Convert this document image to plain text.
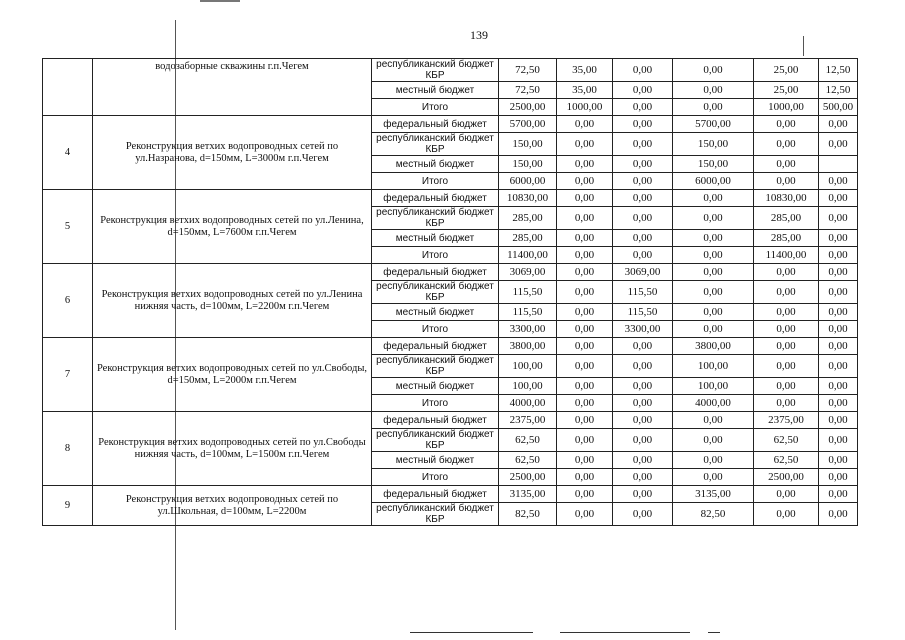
139
	водозаборные скважины г.п.Чегем	республиканский бюджет КБР	72,50	35,00	0,00	0,00	25,00	12,50
		местный бюджет	72,50	35,00	0,00	0,00	25,00	12,50
		Итого	2500,00	1000,00	0,00	0,00	1000,00	500,00
4	Реконструкция ветхих водопроводных сетей по ул.Назранова, d=150мм, L=3000м г.п.Чегем	федеральный бюджет	5700,00	0,00	0,00	5700,00	0,00	0,00
		республиканский бюджет КБР	150,00	0,00	0,00	150,00	0,00	0,00
		местный бюджет	150,00	0,00	0,00	150,00	0,00	
		Итого	6000,00	0,00	0,00	6000,00	0,00	0,00
5	Реконструкция ветхих водопроводных сетей по ул.Ленина, d=150мм, L=7600м г.п.Чегем	федеральный бюджет	10830,00	0,00	0,00	0,00	10830,00	0,00
		республиканский бюджет КБР	285,00	0,00	0,00	0,00	285,00	0,00
		местный бюджет	285,00	0,00	0,00	0,00	285,00	0,00
		Итого	11400,00	0,00	0,00	0,00	11400,00	0,00
6	Реконструкция ветхих водопроводных сетей по ул.Ленина нижняя часть, d=100мм, L=2200м г.п.Чегем	федеральный бюджет	3069,00	0,00	3069,00	0,00	0,00	0,00
		республиканский бюджет КБР	115,50	0,00	115,50	0,00	0,00	0,00
		местный бюджет	115,50	0,00	115,50	0,00	0,00	0,00
		Итого	3300,00	0,00	3300,00	0,00	0,00	0,00
7	Реконструкция ветхих водопроводных сетей по ул.Свободы, d=150мм, L=2000м г.п.Чегем	федеральный бюджет	3800,00	0,00	0,00	3800,00	0,00	0,00
		республиканский бюджет КБР	100,00	0,00	0,00	100,00	0,00	0,00
		местный бюджет	100,00	0,00	0,00	100,00	0,00	0,00
		Итого	4000,00	0,00	0,00	4000,00	0,00	0,00
8	Реконструкция ветхих водопроводных сетей по ул.Свободы нижняя часть, d=100мм, L=1500м г.п.Чегем	федеральный бюджет	2375,00	0,00	0,00	0,00	2375,00	0,00
		республиканский бюджет КБР	62,50	0,00	0,00	0,00	62,50	0,00
		местный бюджет	62,50	0,00	0,00	0,00	62,50	0,00
		Итого	2500,00	0,00	0,00	0,00	2500,00	0,00
9	Реконструкция ветхих водопроводных сетей по ул.Школьная, d=100мм, L=2200м	федеральный бюджет	3135,00	0,00	0,00	3135,00	0,00	0,00
		республиканский бюджет КБР	82,50	0,00	0,00	82,50	0,00	0,00
